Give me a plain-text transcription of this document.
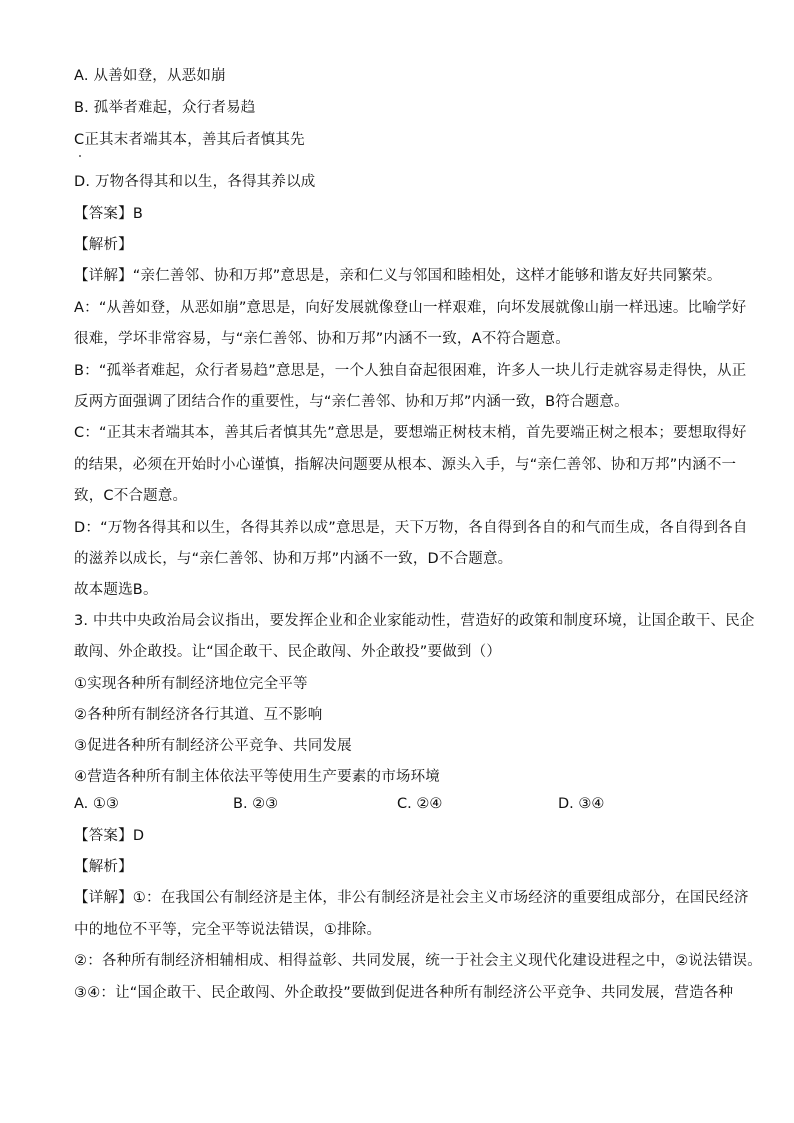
A. 从善如登，从恶如崩
B. 孤举者难起，众行者易趋
C正其末者端其本，善其后者慎其先
D. 万物各得其和以生，各得其养以成
【答案】B
【解析】
【详解】“亲仁善邻、协和万邦”意思是，亲和仁义与邻国和睦相处，这样才能够和谐友好共同繁荣。
A：“从善如登，从恶如崩”意思是，向好发展就像登山一样艰难，向坏发展就像山崩一样迅速。比喻学好
很难，学坏非常容易，与“亲仁善邻、协和万邦”内涵不一致，A不符合题意。
B：“孤举者难起，众行者易趋”意思是，一个人独自奋起很困难，许多人一块儿行走就容易走得快，从正
反两方面强调了团结合作的重要性，与“亲仁善邻、协和万邦”内涵一致，B符合题意。
C：“正其末者端其本，善其后者慎其先”意思是，要想端正树枝末梢，首先要端正树之根本；要想取得好
的结果，必须在开始时小心谨慎，指解决问题要从根本、源头入手，与“亲仁善邻、协和万邦”内涵不一
致，C不合题意。
D：“万物各得其和以生，各得其养以成”意思是，天下万物，各自得到各自的和气而生成，各自得到各自
的滋养以成长，与“亲仁善邻、协和万邦”内涵不一致，D不合题意。
故本题选B。
3. 中共中央政治局会议指出，要发挥企业和企业家能动性，营造好的政策和制度环境，让国企敢干、民企
敢闯、外企敢投。让“国企敢干、民企敢闯、外企敢投”要做到（）
①实现各种所有制经济地位完全平等
②各种所有制经济各行其道、互不影响
③促进各种所有制经济公平竞争、共同发展
④营造各种所有制主体依法平等使用生产要素的市场环境
A. ①③	B. ②③	C. ②④	D. ③④
【答案】D
【解析】
【详解】①：在我国公有制经济是主体，非公有制经济是社会主义市场经济的重要组成部分，在国民经济
中的地位不平等，完全平等说法错误，①排除。
②：各种所有制经济相辅相成、相得益彰、共同发展，统一于社会主义现代化建设进程之中，②说法错误。
③④：让“国企敢干、民企敢闯、外企敢投”要做到促进各种所有制经济公平竞争、共同发展，营造各种
